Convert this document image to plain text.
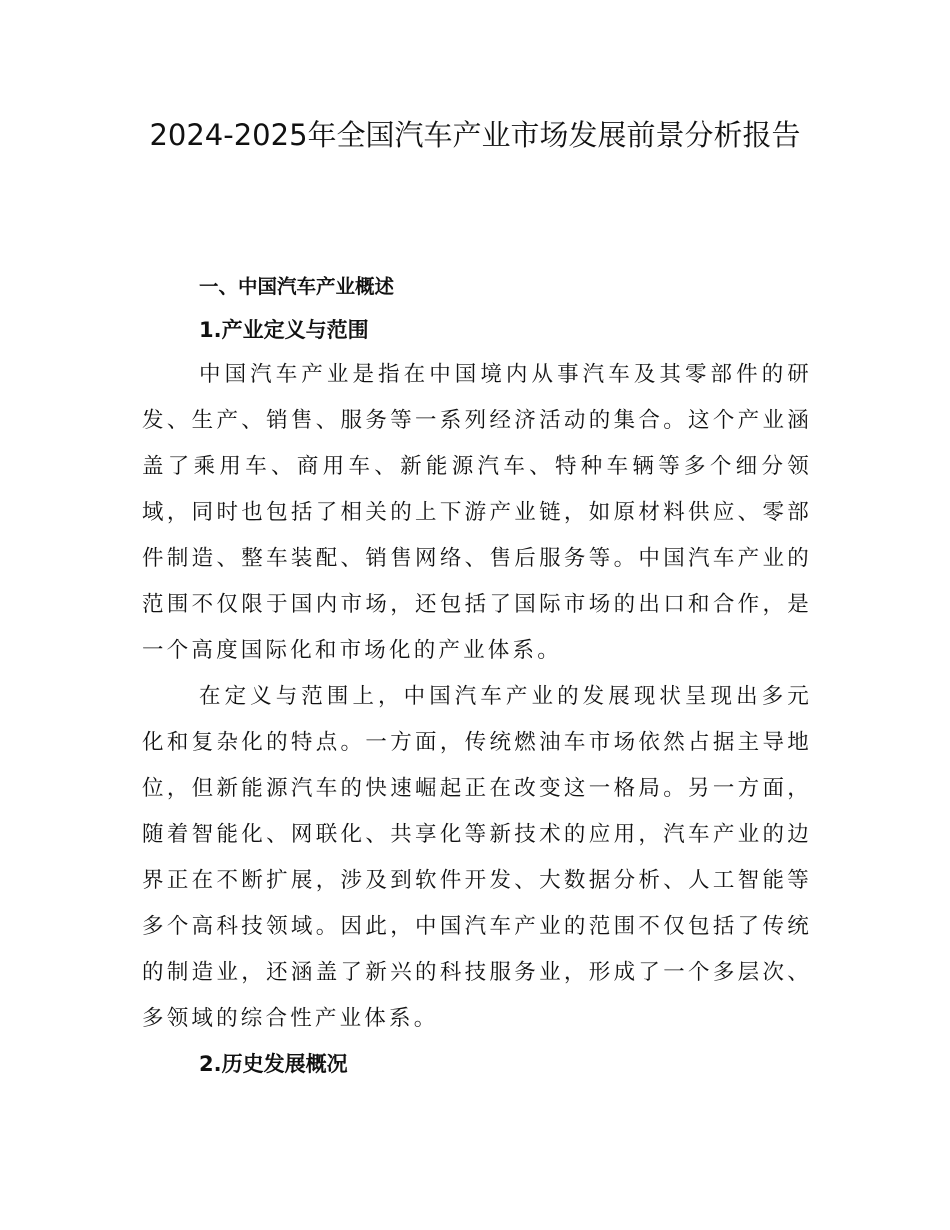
2024-2025年全国汽车产业市场发展前景分析报告
一、中国汽车产业概述
1.产业定义与范围

中国汽车产业是指在中国境内从事汽车及其零部件的研发、生产、销售、服务等一系列经济活动的集合。这个产业涵盖了乘用车、商用车、新能源汽车、特种车辆等多个细分领域，同时也包括了相关的上下游产业链，如原材料供应、零部件制造、整车装配、销售网络、售后服务等。中国汽车产业的范围不仅限于国内市场，还包括了国际市场的出口和合作，是一个高度国际化和市场化的产业体系。

在定义与范围上，中国汽车产业的发展现状呈现出多元化和复杂化的特点。一方面，传统燃油车市场依然占据主导地位，但新能源汽车的快速崛起正在改变这一格局。另一方面，随着智能化、网联化、共享化等新技术的应用，汽车产业的边界正在不断扩展，涉及到软件开发、大数据分析、人工智能等多个高科技领域。因此，中国汽车产业的范围不仅包括了传统的制造业，还涵盖了新兴的科技服务业，形成了一个多层次、多领域的综合性产业体系。

2.历史发展概况
